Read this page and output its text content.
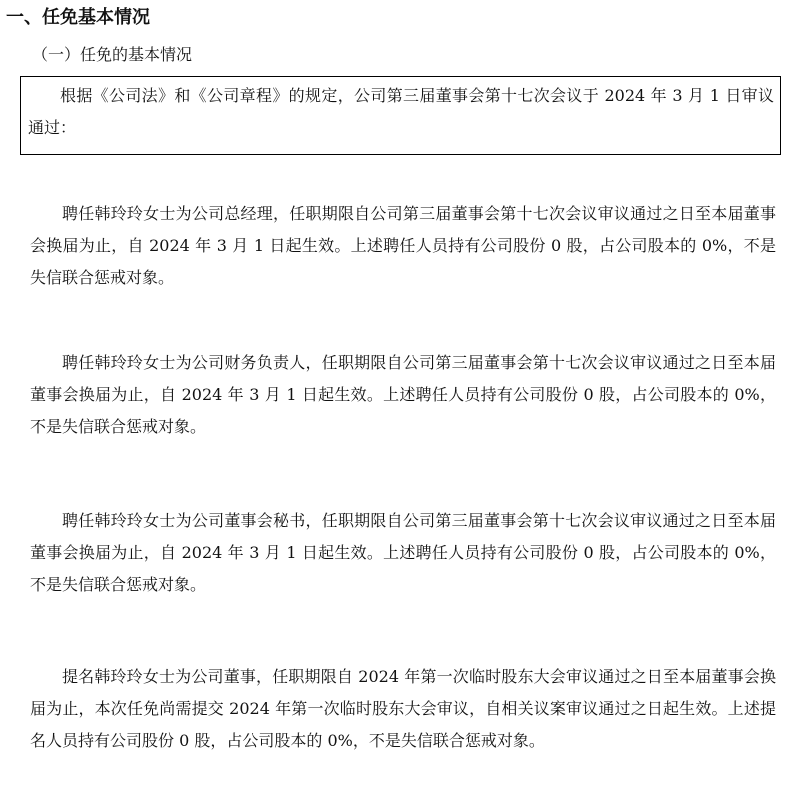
一、任免基本情况
（一）任免的基本情况

根据《公司法》和《公司章程》的规定，公司第三届董事会第十七次会议于 2024 年 3 月 1 日审议通过：

聘任韩玲玲女士为公司总经理，任职期限自公司第三届董事会第十七次会议审议通过之日至本届董事会换届为止，自 2024 年 3 月 1 日起生效。上述聘任人员持有公司股份 0 股，占公司股本的 0%，不是失信联合惩戒对象。

聘任韩玲玲女士为公司财务负责人，任职期限自公司第三届董事会第十七次会议审议通过之日至本届董事会换届为止，自 2024 年 3 月 1 日起生效。上述聘任人员持有公司股份 0 股，占公司股本的 0%，不是失信联合惩戒对象。

聘任韩玲玲女士为公司董事会秘书，任职期限自公司第三届董事会第十七次会议审议通过之日至本届董事会换届为止，自 2024 年 3 月 1 日起生效。上述聘任人员持有公司股份 0 股，占公司股本的 0%，不是失信联合惩戒对象。

提名韩玲玲女士为公司董事，任职期限自 2024 年第一次临时股东大会审议通过之日至本届董事会换届为止，本次任免尚需提交 2024 年第一次临时股东大会审议，自相关议案审议通过之日起生效。上述提名人员持有公司股份 0 股，占公司股本的 0%，不是失信联合惩戒对象。
